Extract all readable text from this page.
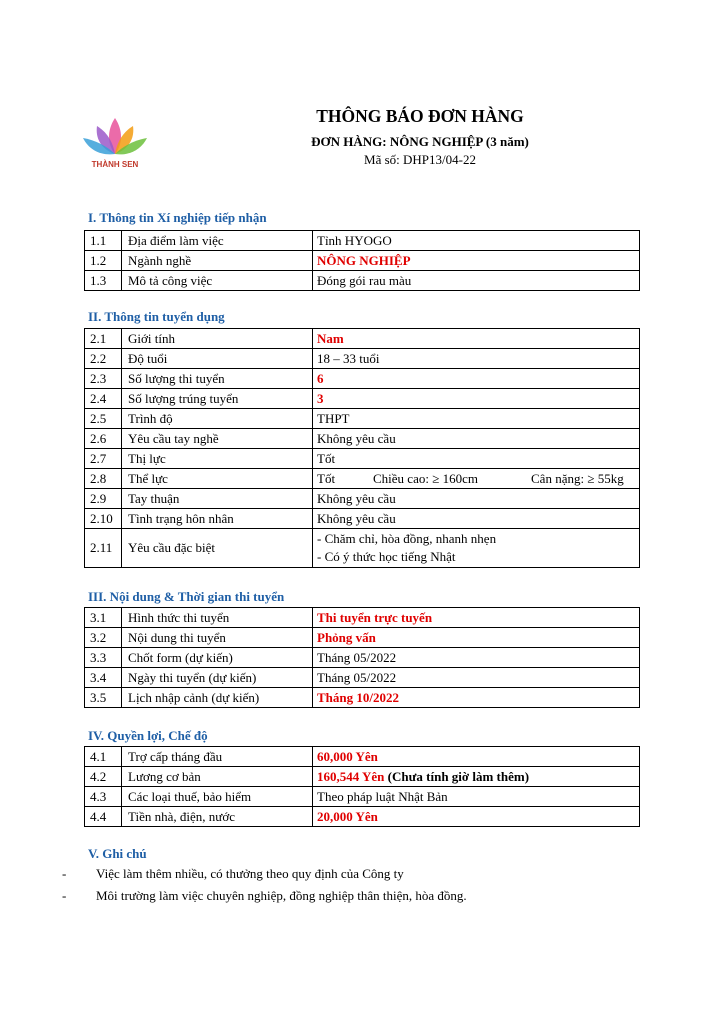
THÀNH SEN
THÔNG BÁO ĐƠN HÀNG
ĐƠN HÀNG: NÔNG NGHIỆP (3 năm)
Mã số: DHP13/04-22
I. Thông tin Xí nghiệp tiếp nhận
1.1	Địa điểm làm việc	Tỉnh HYOGO
1.2	Ngành nghề	NÔNG NGHIỆP
1.3	Mô tả công việc	Đóng gói rau màu
II. Thông tin tuyển dụng
2.1	Giới tính	Nam
2.2	Độ tuổi	18 – 33 tuổi
2.3	Số lượng thi tuyển	6
2.4	Số lượng trúng tuyển	3
2.5	Trình độ	THPT
2.6	Yêu cầu tay nghề	Không yêu cầu
2.7	Thị lực	Tốt
2.8	Thể lực	Tốt Chiều cao: ≥ 160cm Cân nặng: ≥ 55kg

2.9	Tay thuận	Không yêu cầu
2.10	Tình trạng hôn nhân	Không yêu cầu
2.11	Yêu cầu đặc biệt	- Chăm chỉ, hòa đồng, nhanh nhẹn
- Có ý thức học tiếng Nhật
III. Nội dung & Thời gian thi tuyển
3.1	Hình thức thi tuyển	Thi tuyển trực tuyến
3.2	Nội dung thi tuyển	Phỏng vấn
3.3	Chốt form (dự kiến)	Tháng 05/2022
3.4	Ngày thi tuyển (dự kiến)	Tháng 05/2022
3.5	Lịch nhập cảnh (dự kiến)	Tháng 10/2022
IV. Quyền lợi, Chế độ
4.1	Trợ cấp tháng đầu	60,000 Yên
4.2	Lương cơ bản	160,544 Yên (Chưa tính giờ làm thêm)
4.3	Các loại thuế, bảo hiểm	Theo pháp luật Nhật Bản
4.4	Tiền nhà, điện, nước	20,000 Yên
V. Ghi chú
-	Việc làm thêm nhiều, có thưởng theo quy định của Công ty
-	Môi trường làm việc chuyên nghiệp, đồng nghiệp thân thiện, hòa đồng.
